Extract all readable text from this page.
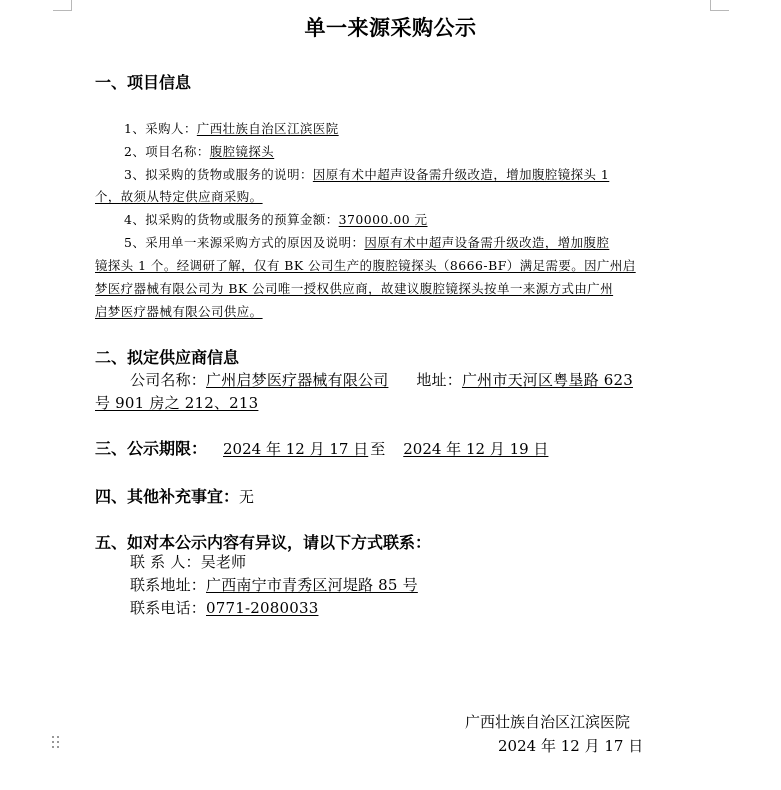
单一来源采购公示
一、项目信息
1、采购人：广西壮族自治区江滨医院
2、项目名称：腹腔镜探头
3、拟采购的货物或服务的说明：因原有术中超声设备需升级改造，增加腹腔镜探头 1
个，故须从特定供应商采购。
4、拟采购的货物或服务的预算金额：370000.00 元
5、采用单一来源采购方式的原因及说明：因原有术中超声设备需升级改造，增加腹腔
镜探头 1 个。经调研了解，仅有 BK 公司生产的腹腔镜探头（8666-BF）满足需要。因广州启
梦医疗器械有限公司为 BK 公司唯一授权供应商，故建议腹腔镜探头按单一来源方式由广州
启梦医疗器械有限公司供应。
二、拟定供应商信息
公司名称：广州启梦医疗器械有限公司 地址：广州市天河区粤垦路 623
号 901 房之 212、213
三、公示期限： 2024 年 12 月 17 日 至 2024 年 12 月 19 日
四、其他补充事宜：无
五、如对本公示内容有异议，请以下方式联系：
联 系 人：吴老师
联系地址：广西南宁市青秀区河堤路 85 号
联系电话：0771-2080033
广西壮族自治区江滨医院
2024 年 12 月 17 日
